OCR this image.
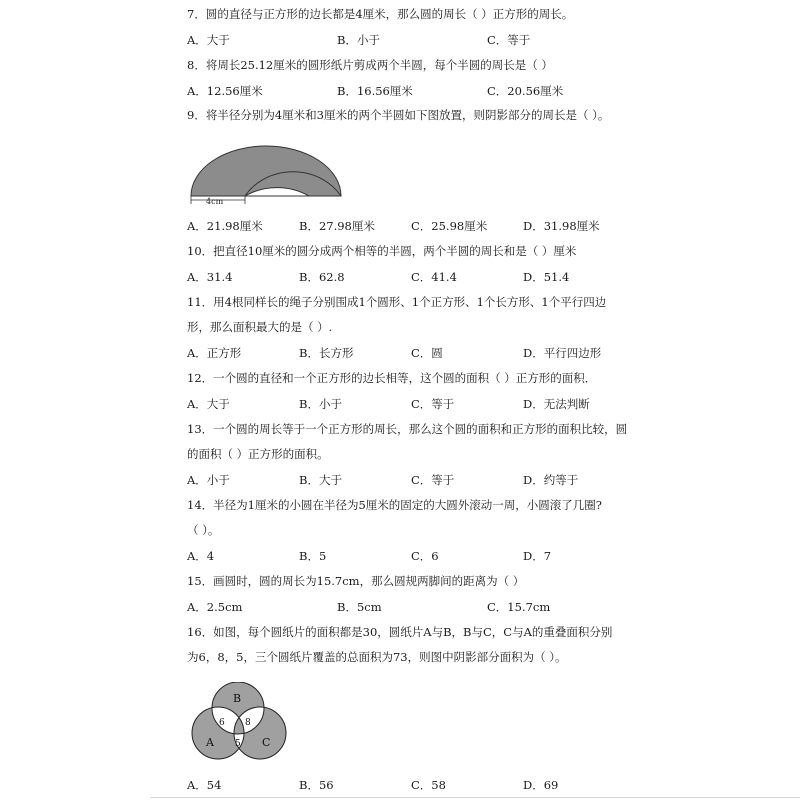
7．圆的直径与正方形的边长都是4厘米，那么圆的周长（ ）正方形的周长。
A．大于	B．小于	C．等于
8．将周长25.12厘米的圆形纸片剪成两个半圆，每个半圆的周长是（ ）
A．12.56厘米	B．16.56厘米	C．20.56厘米
9．将半径分别为4厘米和3厘米的两个半圆如下图放置，则阴影部分的周长是（ ）。
4cm
A．21.98厘米	B．27.98厘米	C．25.98厘米	D．31.98厘米
10．把直径10厘米的圆分成两个相等的半圆，两个半圆的周长和是（ ）厘米
A．31.4	B．62.8	C．41.4	D．51.4
11．用4根同样长的绳子分别围成1个圆形、1个正方形、1个长方形、1个平行四边
形，那么面积最大的是（ ）.
A．正方形	B．长方形	C．圆	D．平行四边形
12．一个圆的直径和一个正方形的边长相等，这个圆的面积（ ）正方形的面积．
A．大于	B．小于	C．等于	D．无法判断
13．一个圆的周长等于一个正方形的周长，那么这个圆的面积和正方形的面积比较，圆
的面积（ ）正方形的面积。
A．小于	B．大于	C．等于	D．约等于
14．半径为1厘米的小圆在半径为5厘米的固定的大圆外滚动一周，小圆滚了几圈?
（ ）。
A．4	B．5	C．6	D．7
15．画圆时，圆的周长为15.7cm，那么圆规两脚间的距离为（ ）
A．2.5cm	B．5cm	C．15.7cm
16．如图，每个圆纸片的面积都是30，圆纸片A与B，B与C，C与A的重叠面积分别
为6，8，5，三个圆纸片覆盖的总面积为73，则图中阴影部分面积为（ ）。
B
A	C
6 8
5
A．54	B．56	C．58	D．69
